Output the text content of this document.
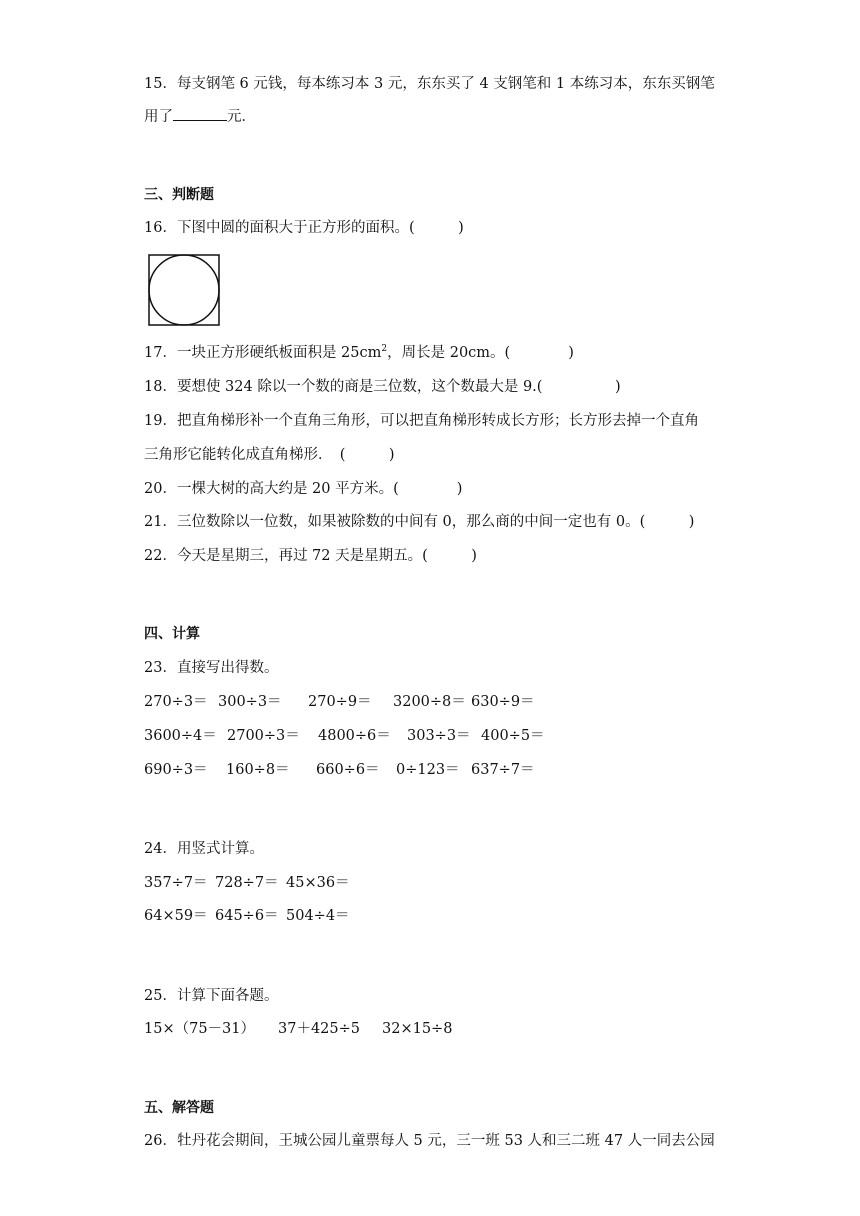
15．每支钢笔 6 元钱，每本练习本 3 元，东东买了 4 支钢笔和 1 本练习本，东东买钢笔
用了	元．
三、判断题
16．下图中圆的面积大于正方形的面积。(　　　)
17．一块正方形硬纸板面积是 $25cm^2$，周长是 20cm。(　　　　)
18．要想使 324 除以一个数的商是三位数，这个数最大是 9.(　　　　　)
19．把直角梯形补一个直角三角形，可以把直角梯形转成长方形；长方形去掉一个直角
三角形它能转化成直角梯形．　(　　　)
20．一棵大树的高大约是 20 平方米。(　　　　)
21．三位数除以一位数，如果被除数的中间有 0，那么商的中间一定也有 0。(　　　)
22．今天是星期三，再过 72 天是星期五。(　　　)
四、计算
23．直接写出得数。
270÷3＝ 300÷3＝ 270÷9＝ 3200÷8＝ 630÷9＝
3600÷4＝ 2700÷3＝ 4800÷6＝ 303÷3＝ 400÷5＝
690÷3＝ 160÷8＝ 660÷6＝ 0÷123＝ 637÷7＝
24．用竖式计算。
357÷7＝ 728÷7＝ 45×36＝
64×59＝ 645÷6＝ 504÷4＝
25．计算下面各题。
15×（75－31） 37＋425÷5 32×15÷8
五、解答题
26．牡丹花会期间，王城公园儿童票每人 5 元，三一班 53 人和三二班 47 人一同去公园
